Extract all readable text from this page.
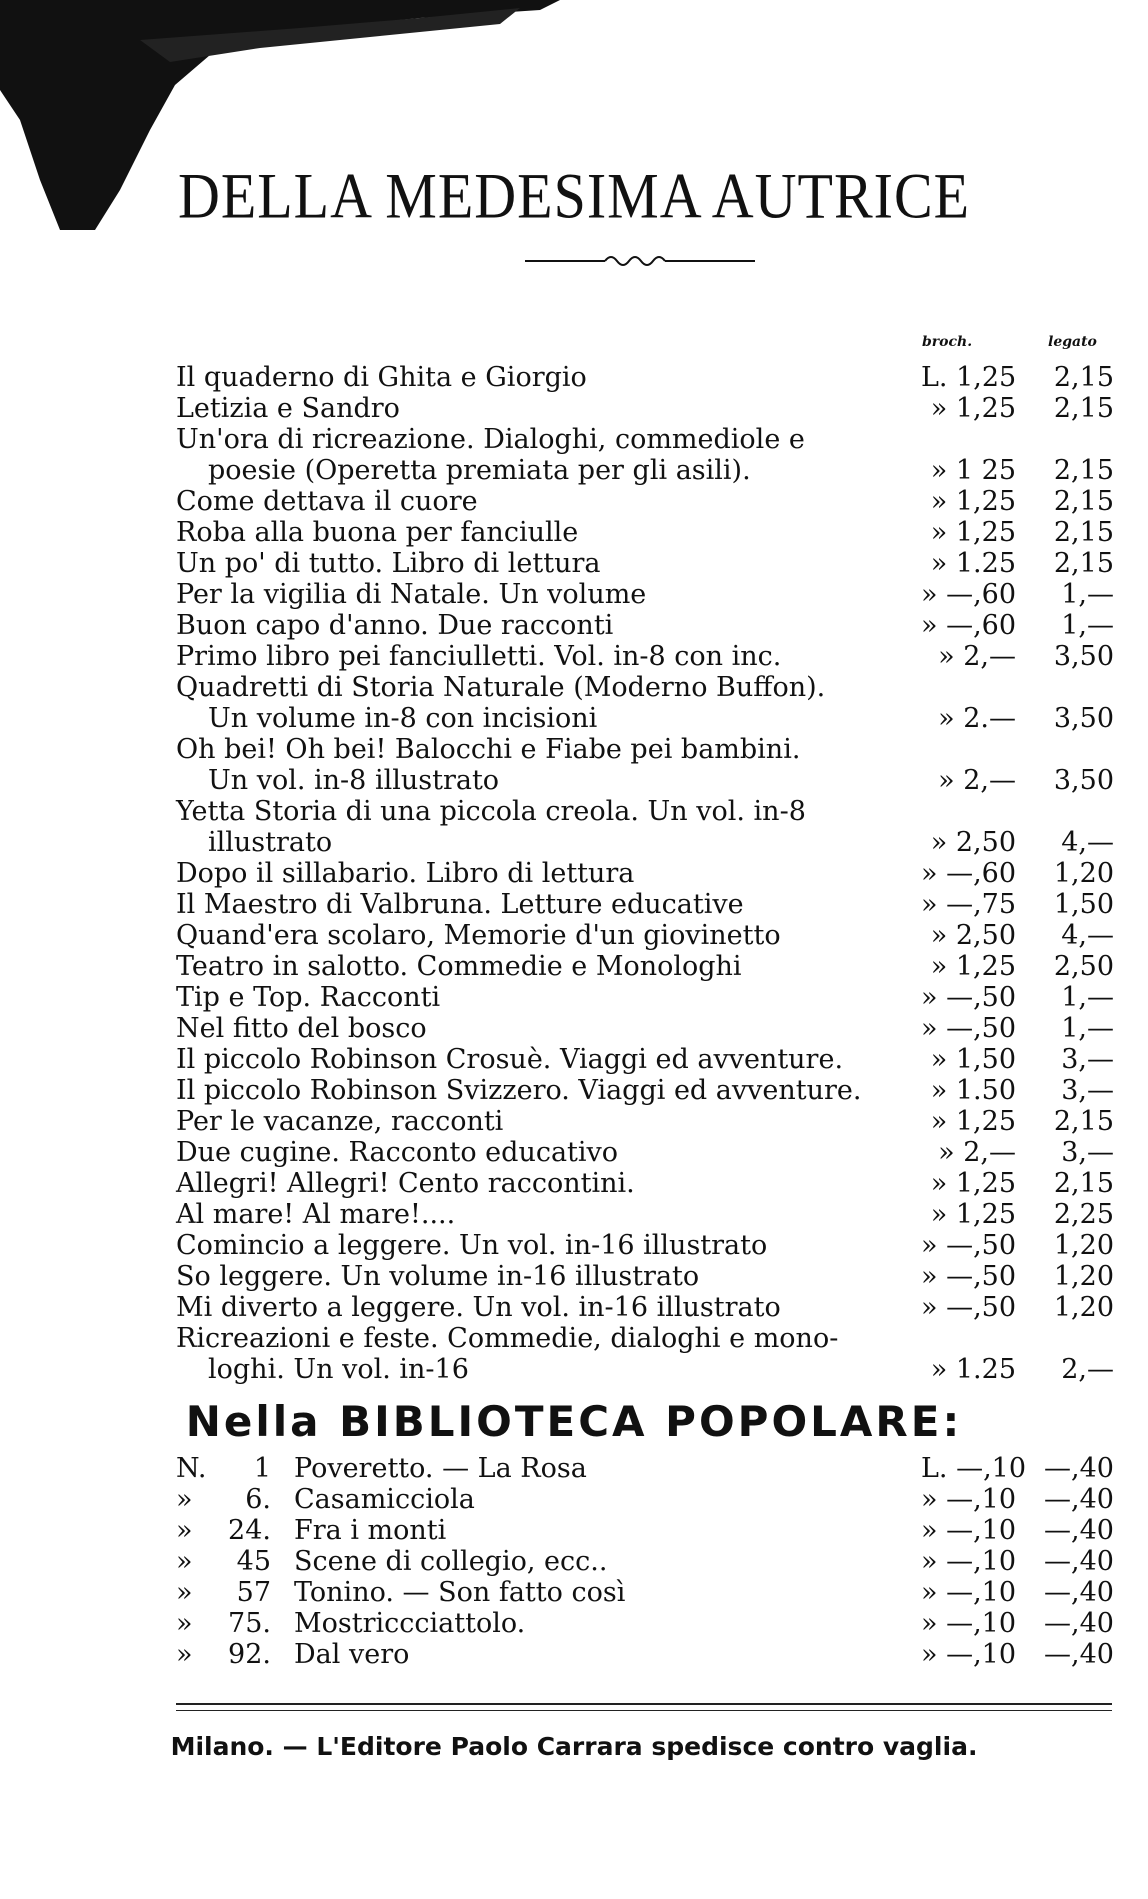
DELLA MEDESIMA AUTRICE
broch.	legato
Il quaderno di Ghita e Giorgio	L. 1,25	2,15
Letizia e Sandro	» 1,25	2,15
Un'ora di ricreazione. Dialoghi, commediole e
poesie (Operetta premiata per gli asili).	» 1 25	2,15
Come dettava il cuore	» 1,25	2,15
Roba alla buona per fanciulle	» 1,25	2,15
Un po' di tutto. Libro di lettura	» 1.25	2,15
Per la vigilia di Natale. Un volume	» —,60	1,—
Buon capo d'anno. Due racconti	» —,60	1,—
Primo libro pei fanciulletti. Vol. in-8 con inc.	» 2,—	3,50
Quadretti di Storia Naturale (Moderno Buffon).
Un volume in-8 con incisioni	» 2.—	3,50
Oh bei! Oh bei! Balocchi e Fiabe pei bambini.
Un vol. in-8 illustrato	» 2,—	3,50
Yetta Storia di una piccola creola. Un vol. in-8
illustrato	» 2,50	4,—
Dopo il sillabario. Libro di lettura	» —,60	1,20
Il Maestro di Valbruna. Letture educative	» —,75	1,50
Quand'era scolaro, Memorie d'un giovinetto	» 2,50	4,—
Teatro in salotto. Commedie e Monologhi	» 1,25	2,50
Tip e Top. Racconti	» —,50	1,—
Nel fitto del bosco	» —,50	1,—
Il piccolo Robinson Crosuè. Viaggi ed avventure.	» 1,50	3,—
Il piccolo Robinson Svizzero. Viaggi ed avventure.	» 1.50	3,—
Per le vacanze, racconti	» 1,25	2,15
Due cugine. Racconto educativo	» 2,—	3,—
Allegri! Allegri! Cento raccontini.	» 1,25	2,15
Al mare! Al mare!....	» 1,25	2,25
Comincio a leggere. Un vol. in-16 illustrato	» —,50	1,20
So leggere. Un volume in-16 illustrato	» —,50	1,20
Mi diverto a leggere. Un vol. in-16 illustrato	» —,50	1,20
Ricreazioni e feste. Commedie, dialoghi e mono-
loghi. Un vol. in-16	» 1.25	2,—
Nella BIBLIOTECA POPOLARE:
N.	1 Poveretto. — La Rosa	L. —,10 —,40
»	6. Casamicciola	» —,10	—,40
»	24. Fra i monti	» —,10	—,40
»	45 Scene di collegio, ecc..	» —,10	—,40
»	57 Tonino. — Son fatto così	» —,10	—,40
»	75. Mostriccciattolo.	» —,10	—,40
»	92. Dal vero	» —,10	—,40
Milano. — L'Editore Paolo Carrara spedisce contro vaglia.
